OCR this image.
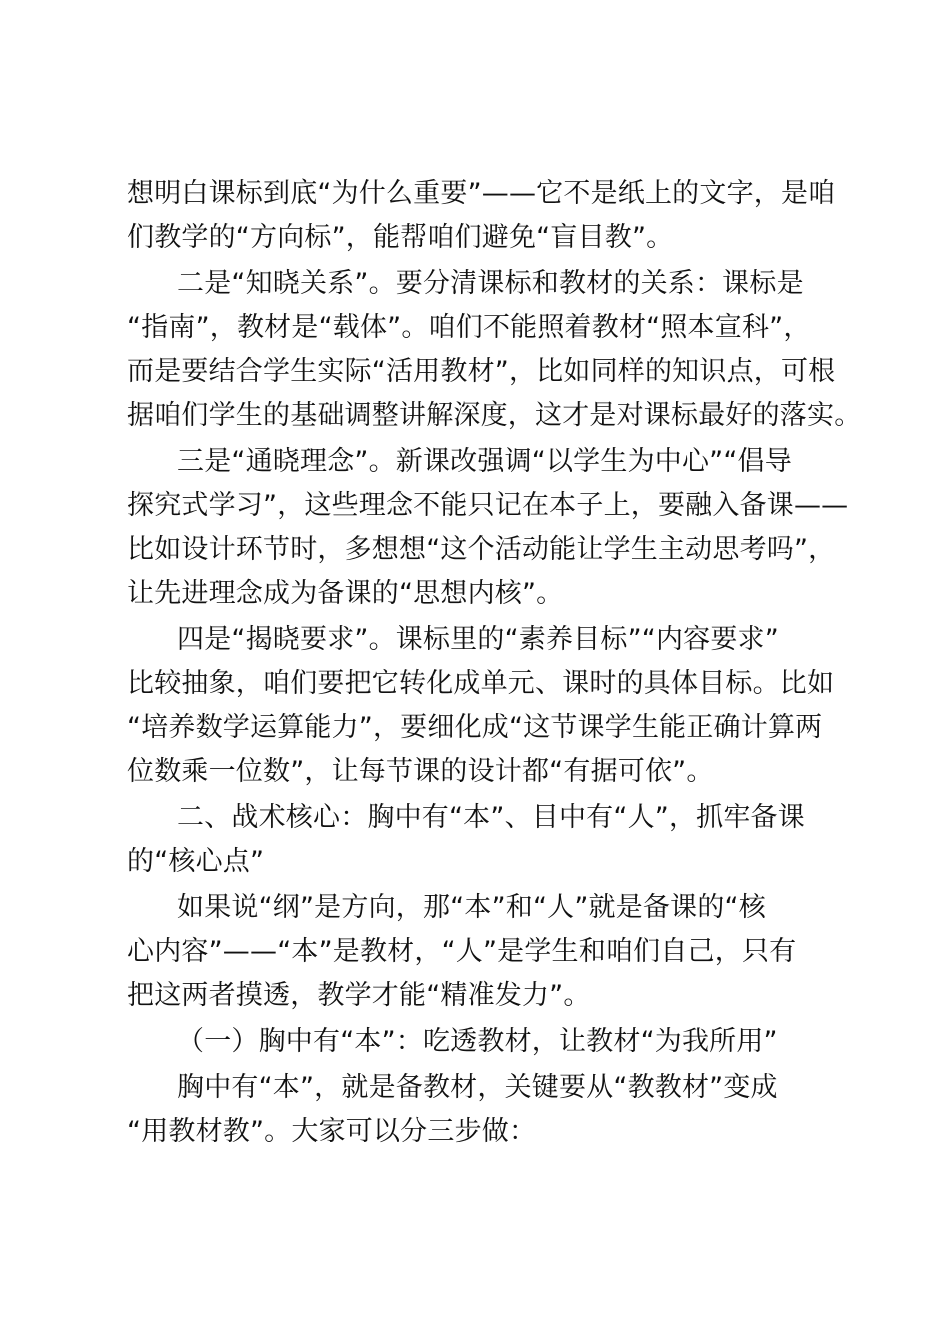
想明白课标到底“为什么重要”——它不是纸上的文字，是咱
们教学的“方向标”，能帮咱们避免“盲目教”。
二是“知晓关系”。要分清课标和教材的关系：课标是
“指南”，教材是“载体”。咱们不能照着教材“照本宣科”，
而是要结合学生实际“活用教材”，比如同样的知识点，可根
据咱们学生的基础调整讲解深度，这才是对课标最好的落实。
三是“通晓理念”。新课改强调“以学生为中心”“倡导
探究式学习”，这些理念不能只记在本子上，要融入备课——
比如设计环节时，多想想“这个活动能让学生主动思考吗”，
让先进理念成为备课的“思想内核”。
四是“揭晓要求”。课标里的“素养目标”“内容要求”
比较抽象，咱们要把它转化成单元、课时的具体目标。比如
“培养数学运算能力”，要细化成“这节课学生能正确计算两
位数乘一位数”，让每节课的设计都“有据可依”。
二、战术核心：胸中有“本”、目中有“人”，抓牢备课
的“核心点”
如果说“纲”是方向，那“本”和“人”就是备课的“核
心内容”——“本”是教材，“人”是学生和咱们自己，只有
把这两者摸透，教学才能“精准发力”。
（一）胸中有“本”：吃透教材，让教材“为我所用”
胸中有“本”，就是备教材，关键要从“教教材”变成
“用教材教”。大家可以分三步做：
